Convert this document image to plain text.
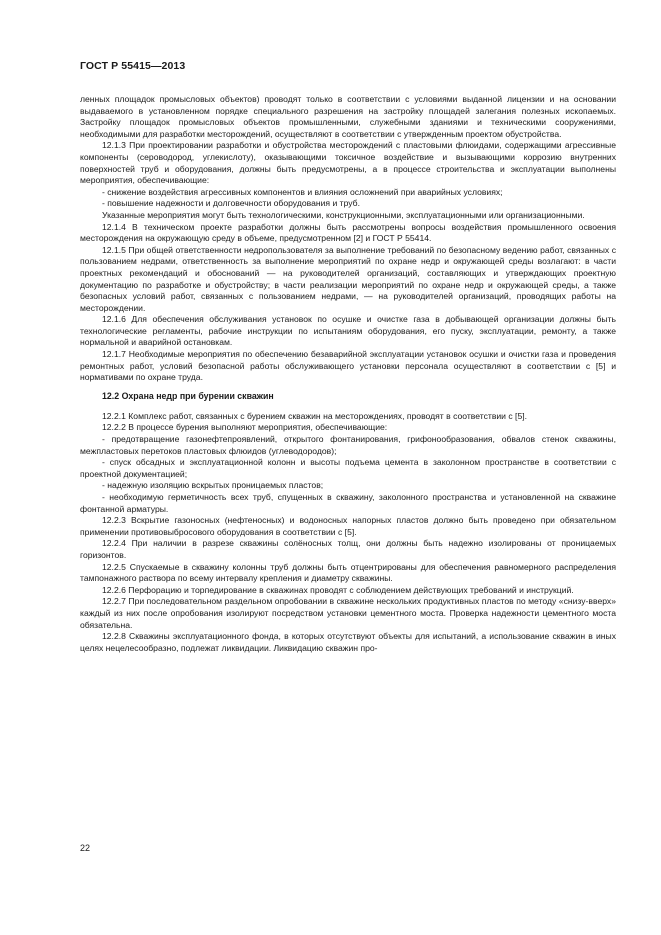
ГОСТ Р 55415—2013

ленных площадок промысловых объектов) проводят только в соответствии с условиями выданной лицензии и на основании выдаваемого в установленном порядке специального разрешения на застройку площадей залегания полезных ископаемых. Застройку площадок промысловых объектов промышленными, служебными зданиями и техническими сооружениями, необходимыми для разработки месторождений, осуществляют в соответствии с утвержденным проектом обустройства.

12.1.3 При проектировании разработки и обустройства месторождений с пластовыми флюидами, содержащими агрессивные компоненты (сероводород, углекислоту), оказывающими токсичное воздействие и вызывающими коррозию внутренних поверхностей труб и оборудования, должны быть предусмотрены, а в процессе строительства и эксплуатации выполнены мероприятия, обеспечивающие:

- снижение воздействия агрессивных компонентов и влияния осложнений при аварийных условиях;

- повышение надежности и долговечности оборудования и труб.

Указанные мероприятия могут быть технологическими, конструкционными, эксплуатационными или организационными.

12.1.4 В техническом проекте разработки должны быть рассмотрены вопросы воздействия промышленного освоения месторождения на окружающую среду в объеме, предусмотренном [2] и ГОСТ Р 55414.

12.1.5 При общей ответственности недропользователя за выполнение требований по безопасному ведению работ, связанных с пользованием недрами, ответственность за выполнение мероприятий по охране недр и окружающей среды возлагают: в части проектных рекомендаций и обоснований — на руководителей организаций, составляющих и утверждающих проектную документацию по разработке и обустройству; в части реализации мероприятий по охране недр и окружающей среды, а также безопасных условий работ, связанных с пользованием недрами, — на руководителей организаций, проводящих работы на месторождении.

12.1.6 Для обеспечения обслуживания установок по осушке и очистке газа в добывающей организации должны быть технологические регламенты, рабочие инструкции по испытаниям оборудования, его пуску, эксплуатации, ремонту, а также нормальной и аварийной остановкам.

12.1.7 Необходимые мероприятия по обеспечению безаварийной эксплуатации установок осушки и очистки газа и проведения ремонтных работ, условий безопасной работы обслуживающего установки персонала осуществляют в соответствии с [5] и нормативами по охране труда.

12.2 Охрана недр при бурении скважин

12.2.1 Комплекс работ, связанных с бурением скважин на месторождениях, проводят в соответствии с [5].

12.2.2 В процессе бурения выполняют мероприятия, обеспечивающие:

- предотвращение газонефтепроявлений, открытого фонтанирования, грифонообразования, обвалов стенок скважины, межпластовых перетоков пластовых флюидов (углеводородов);

- спуск обсадных и эксплуатационной колонн и высоты подъема цемента в заколонном пространстве в соответствии с проектной документацией;

- надежную изоляцию вскрытых проницаемых пластов;

- необходимую герметичность всех труб, спущенных в скважину, заколонного пространства и установленной на скважине фонтанной арматуры.

12.2.3 Вскрытие газоносных (нефтеносных) и водоносных напорных пластов должно быть проведено при обязательном применении противовыбросового оборудования в соответствии с [5].

12.2.4 При наличии в разрезе скважины солёносных толщ, они должны быть надежно изолированы от проницаемых горизонтов.

12.2.5 Спускаемые в скважину колонны труб должны быть отцентрированы для обеспечения равномерного распределения тампонажного раствора по всему интервалу крепления и диаметру скважины.

12.2.6 Перфорацию и торпедирование в скважинах проводят с соблюдением действующих требований и инструкций.

12.2.7 При последовательном раздельном опробовании в скважине нескольких продуктивных пластов по методу «снизу-вверх» каждый из них после опробования изолируют посредством установки цементного моста. Проверка надежности цементного моста обязательна.

12.2.8 Скважины эксплуатационного фонда, в которых отсутствуют объекты для испытаний, а использование скважин в иных целях нецелесообразно, подлежат ликвидации. Ликвидацию скважин про-

22
